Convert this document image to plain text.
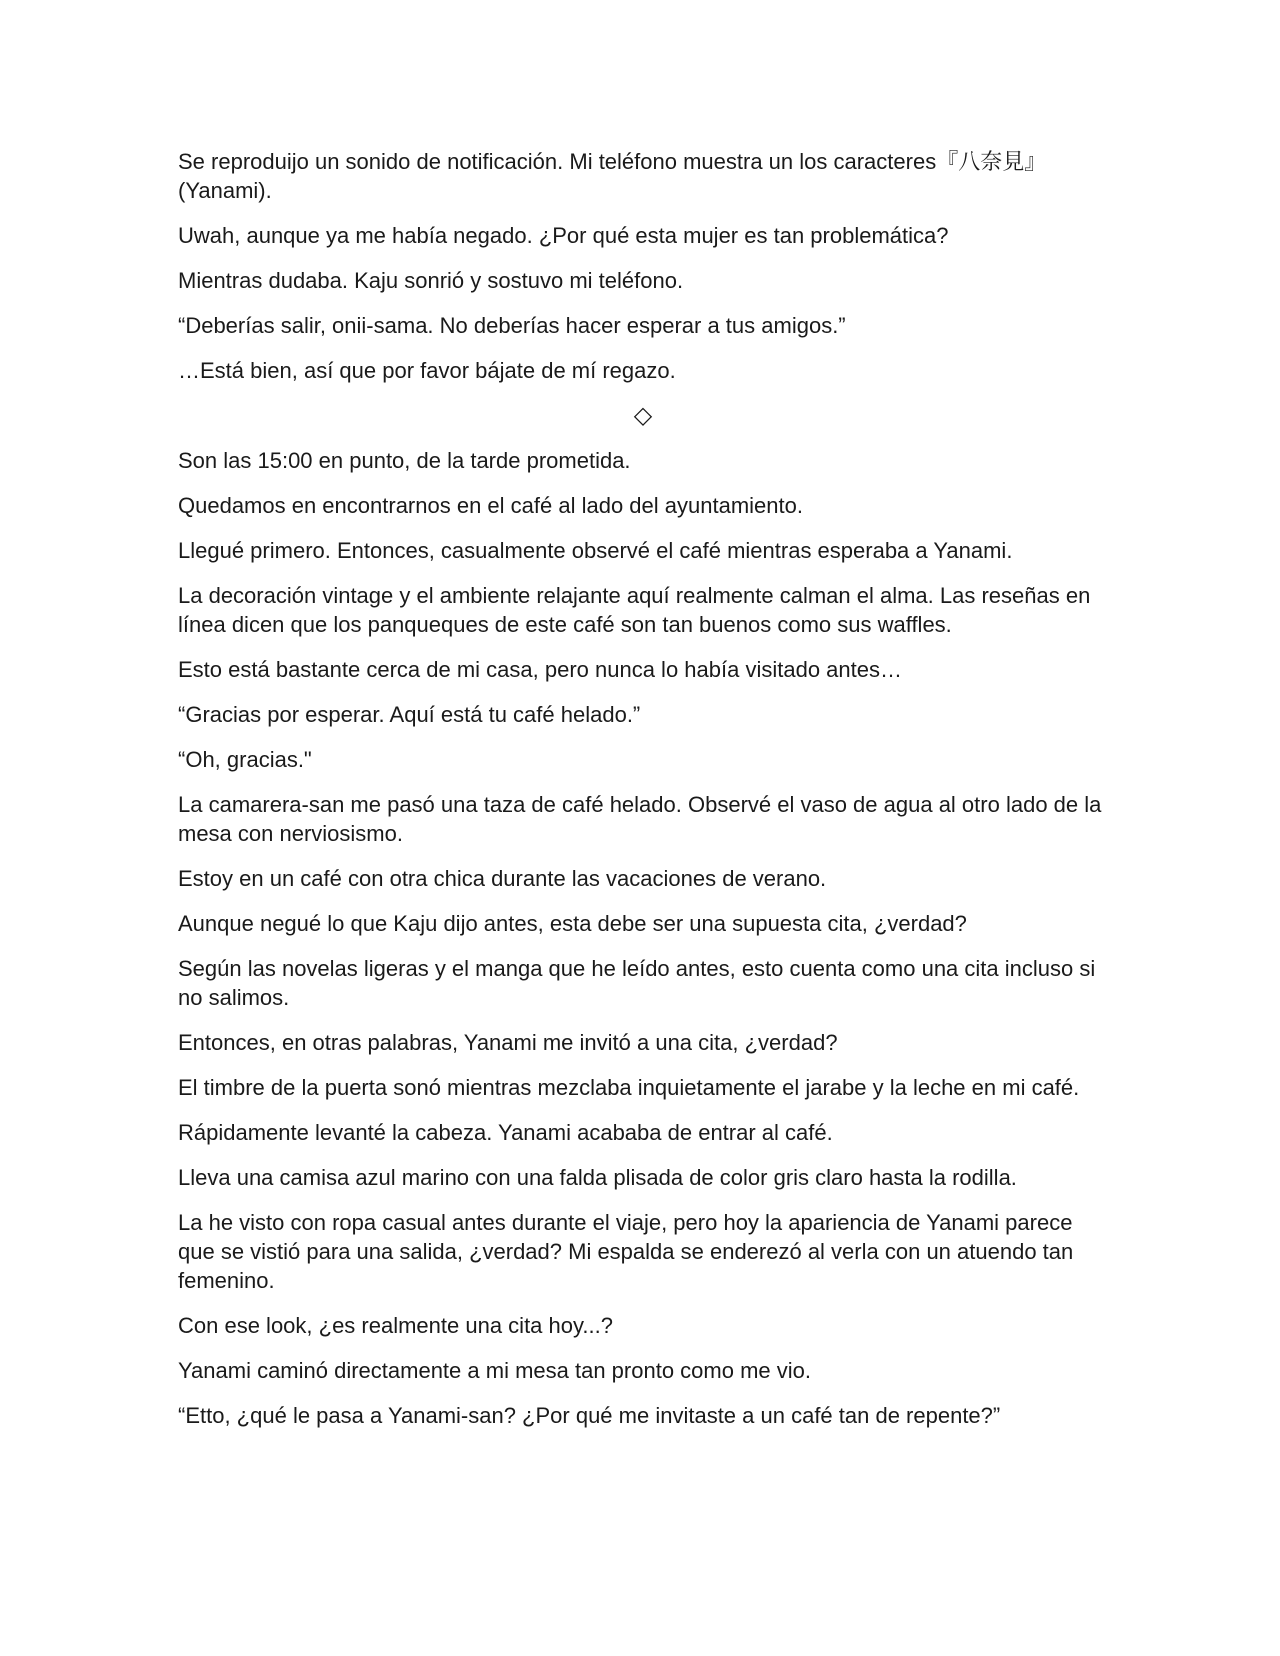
Se reproduijo un sonido de notificación. Mi teléfono muestra un los caracteres『八奈見』(Yanami).

Uwah, aunque ya me había negado. ¿Por qué esta mujer es tan problemática?

Mientras dudaba. Kaju sonrió y sostuvo mi teléfono.

“Deberías salir, onii-sama. No deberías hacer esperar a tus amigos.”

…Está bien, así que por favor bájate de mí regazo.

◇

Son las 15:00 en punto, de la tarde prometida.

Quedamos en encontrarnos en el café al lado del ayuntamiento.

Llegué primero. Entonces, casualmente observé el café mientras esperaba a Yanami.

La decoración vintage y el ambiente relajante aquí realmente calman el alma. Las reseñas en línea dicen que los panqueques de este café son tan buenos como sus waffles.

Esto está bastante cerca de mi casa, pero nunca lo había visitado antes…

“Gracias por esperar. Aquí está tu café helado.”

“Oh, gracias."

La camarera-san me pasó una taza de café helado. Observé el vaso de agua al otro lado de la mesa con nerviosismo.

Estoy en un café con otra chica durante las vacaciones de verano.

Aunque negué lo que Kaju dijo antes, esta debe ser una supuesta cita, ¿verdad?

Según las novelas ligeras y el manga que he leído antes, esto cuenta como una cita incluso si no salimos.

Entonces, en otras palabras, Yanami me invitó a una cita, ¿verdad?

El timbre de la puerta sonó mientras mezclaba inquietamente el jarabe y la leche en mi café.

Rápidamente levanté la cabeza. Yanami acababa de entrar al café.

Lleva una camisa azul marino con una falda plisada de color gris claro hasta la rodilla.

La he visto con ropa casual antes durante el viaje, pero hoy la apariencia de Yanami parece que se vistió para una salida, ¿verdad? Mi espalda se enderezó al verla con un atuendo tan femenino.

Con ese look, ¿es realmente una cita hoy...?

Yanami caminó directamente a mi mesa tan pronto como me vio.

“Etto, ¿qué le pasa a Yanami-san? ¿Por qué me invitaste a un café tan de repente?”
